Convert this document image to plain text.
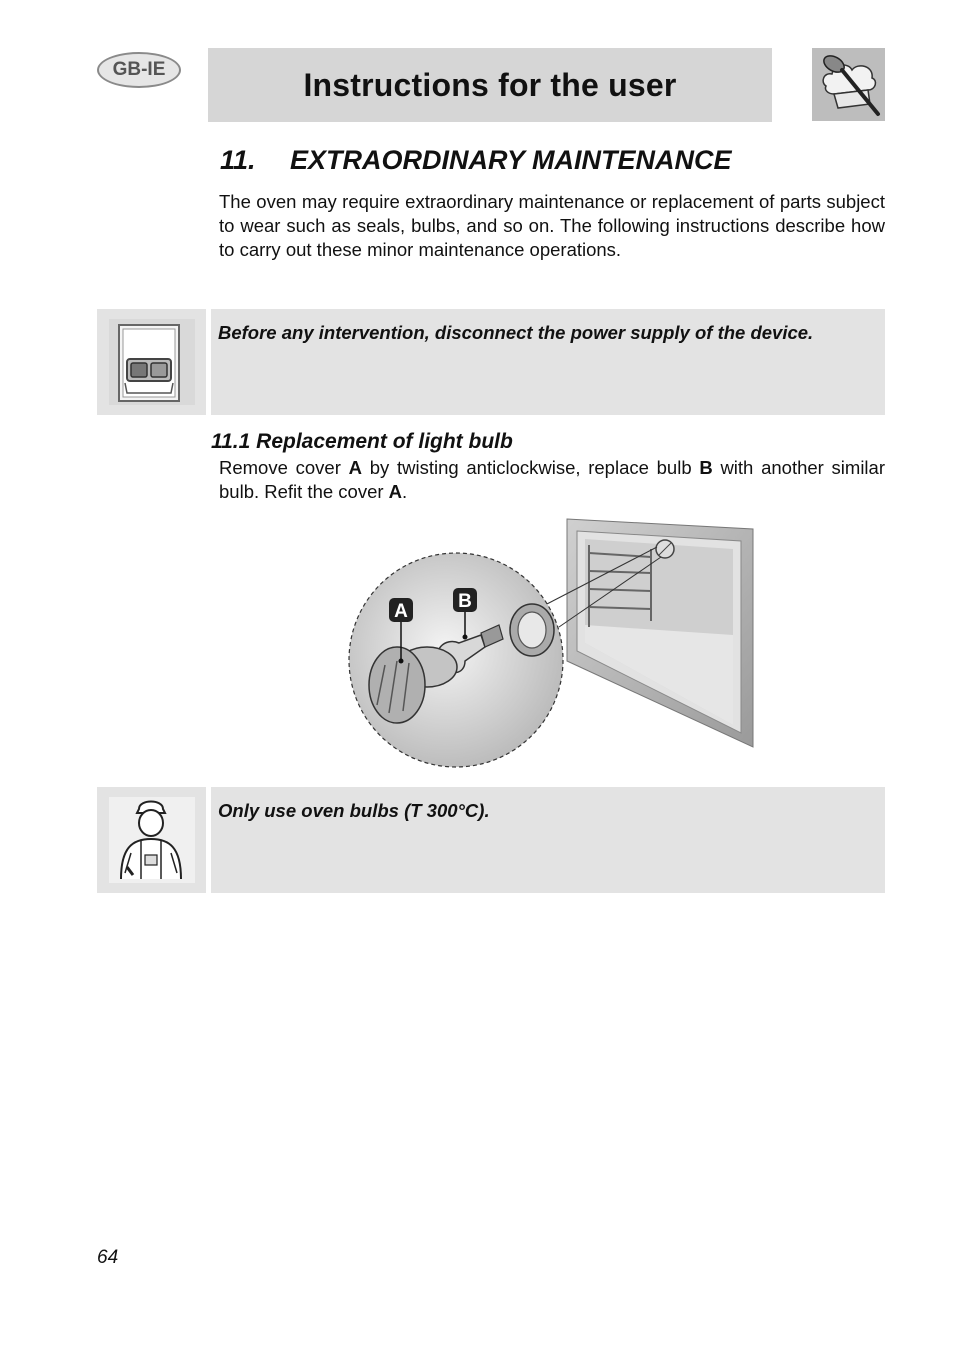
GB-IE	Instructions for the user
11. EXTRAORDINARY MAINTENANCE
The oven may require extraordinary maintenance or replacement of parts subject to wear such as seals, bulbs, and so on. The following instructions describe how to carry out these minor maintenance operations.
Before any intervention, disconnect the power supply of the device.
11.1 Replacement of light bulb
Remove cover A by twisting anticlockwise, replace bulb B with another similar bulb. Refit the cover A.
A	B
Only use oven bulbs (T 300°C).
64
